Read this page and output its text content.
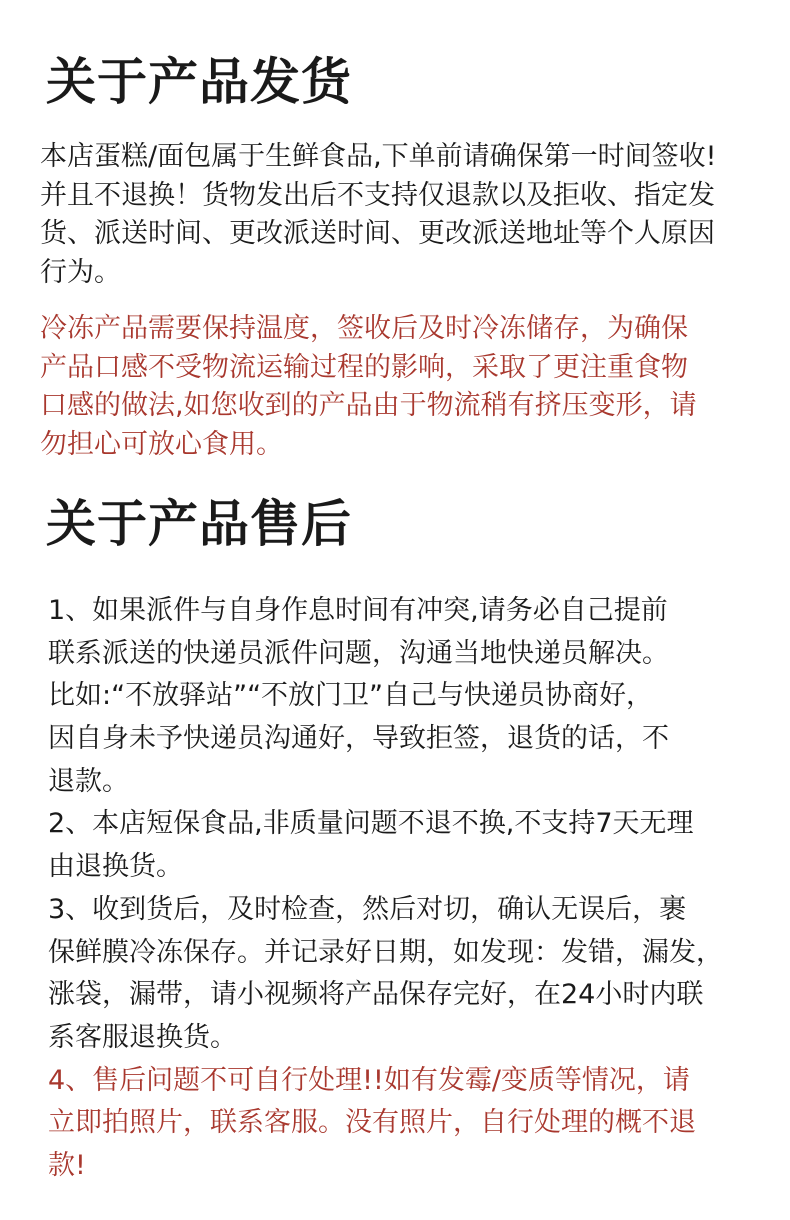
关于产品发货

本店蛋糕/面包属于生鲜食品,下单前请确保第一时间签收!
并且不退换！货物发出后不支持仅退款以及拒收、指定发
货、派送时间、更改派送时间、更改派送地址等个人原因
行为。

冷冻产品需要保持温度，签收后及时冷冻储存，为确保
产品口感不受物流运输过程的影响，采取了更注重食物
口感的做法,如您收到的产品由于物流稍有挤压变形，请
勿担心可放心食用。

关于产品售后
1、如果派件与自身作息时间有冲突,请务必自己提前
联系派送的快递员派件问题，沟通当地快递员解决。
比如:“不放驿站”“不放门卫”自己与快递员协商好，
因自身未予快递员沟通好，导致拒签，退货的话，不
退款。
2、本店短保食品,非质量问题不退不换,不支持7天无理
由退换货。
3、收到货后，及时检查，然后对切，确认无误后，裹
保鲜膜冷冻保存。并记录好日期，如发现：发错，漏发，
涨袋，漏带，请小视频将产品保存完好，在24小时内联
系客服退换货。
4、售后问题不可自行处理!!如有发霉/变质等情况，请
立即拍照片，联系客服。没有照片，自行处理的概不退
款!
